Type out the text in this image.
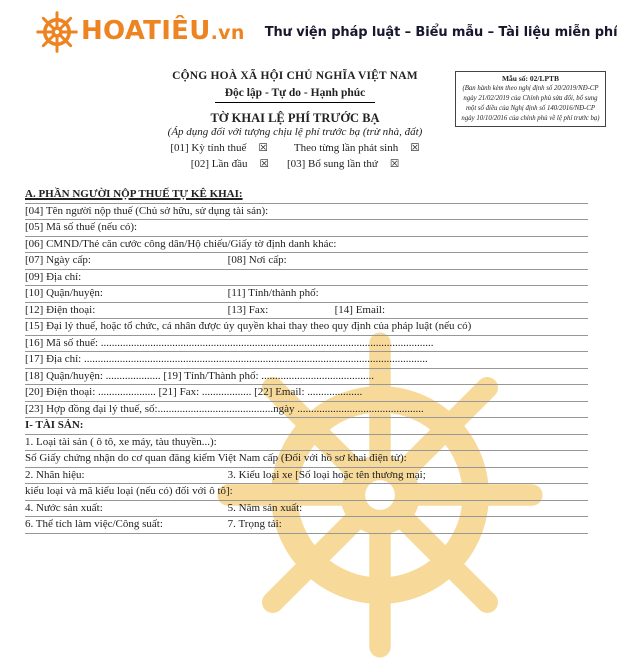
HOATIÊU.vn Thư viện pháp luật – Biểu mẫu – Tài liệu miễn phí
CỘNG HOÀ XÃ HỘI CHỦ NGHĨA VIỆT NAM
Độc lập - Tự do - Hạnh phúc
TỜ KHAI LỆ PHÍ TRƯỚC BẠ
(Áp dụng đối với tượng chịu lệ phí trước bạ (trừ nhà, đất)
[01] Kỳ tính thuế ☒ Theo từng lần phát sinh ☒
[02] Lần đầu ☒ [03] Bổ sung lần thứ ☒
Mẫu số: 02/LPTB
(Ban hành kèm theo nghị định số 20/2019/NĐ-CP ngày 21/02/2019 của Chính phủ sửa đổi, bổ sung một số điều của Nghị định số 140/2016/NĐ-CP ngày 10/10/2016 của chính phủ về lệ phí trước bạ)
A. PHẦN NGƯỜI NỘP THUẾ TỰ KÊ KHAI:
[04] Tên người nộp thuế (Chủ sở hữu, sử dụng tài sản):
[05] Mã số thuế (nếu có):
[06] CMND/Thẻ căn cước công dân/Hộ chiếu/Giấy tờ định danh khác:
[07] Ngày cấp:	[08] Nơi cấp:
[09] Địa chỉ:
[10] Quận/huyện:	[11] Tỉnh/thành phố:
[12] Điện thoại:	[13] Fax:	[14] Email:
[15] Đại lý thuế, hoặc tổ chức, cá nhân được ủy quyền khai thay theo quy định của pháp luật (nếu có)
[16] Mã số thuế: .........................................................................................................................
[17] Địa chỉ: .............................................................................................................................
[18] Quận/huyện: .................... [19] Tỉnh/Thành phố: .........................................
[20] Điện thoại: ..................... [21] Fax: .................. [22] Email: ....................
[23] Hợp đồng đại lý thuế, số:..........................................ngày ..............................................
I- TÀI SẢN:
1. Loại tài sản ( ô tô, xe máy, tàu thuyền...):
Số Giấy chứng nhận do cơ quan đăng kiểm Việt Nam cấp (Đối với hồ sơ khai điện tử):
2. Nhãn hiệu:	3. Kiểu loại xe [Số loại hoặc tên thương mại;
kiểu loại và mã kiểu loại (nếu có) đối với ô tô]:
4. Nước sản xuất:	5. Năm sản xuất:
6. Thể tích làm việc/Công suất:	7. Trọng tải:
